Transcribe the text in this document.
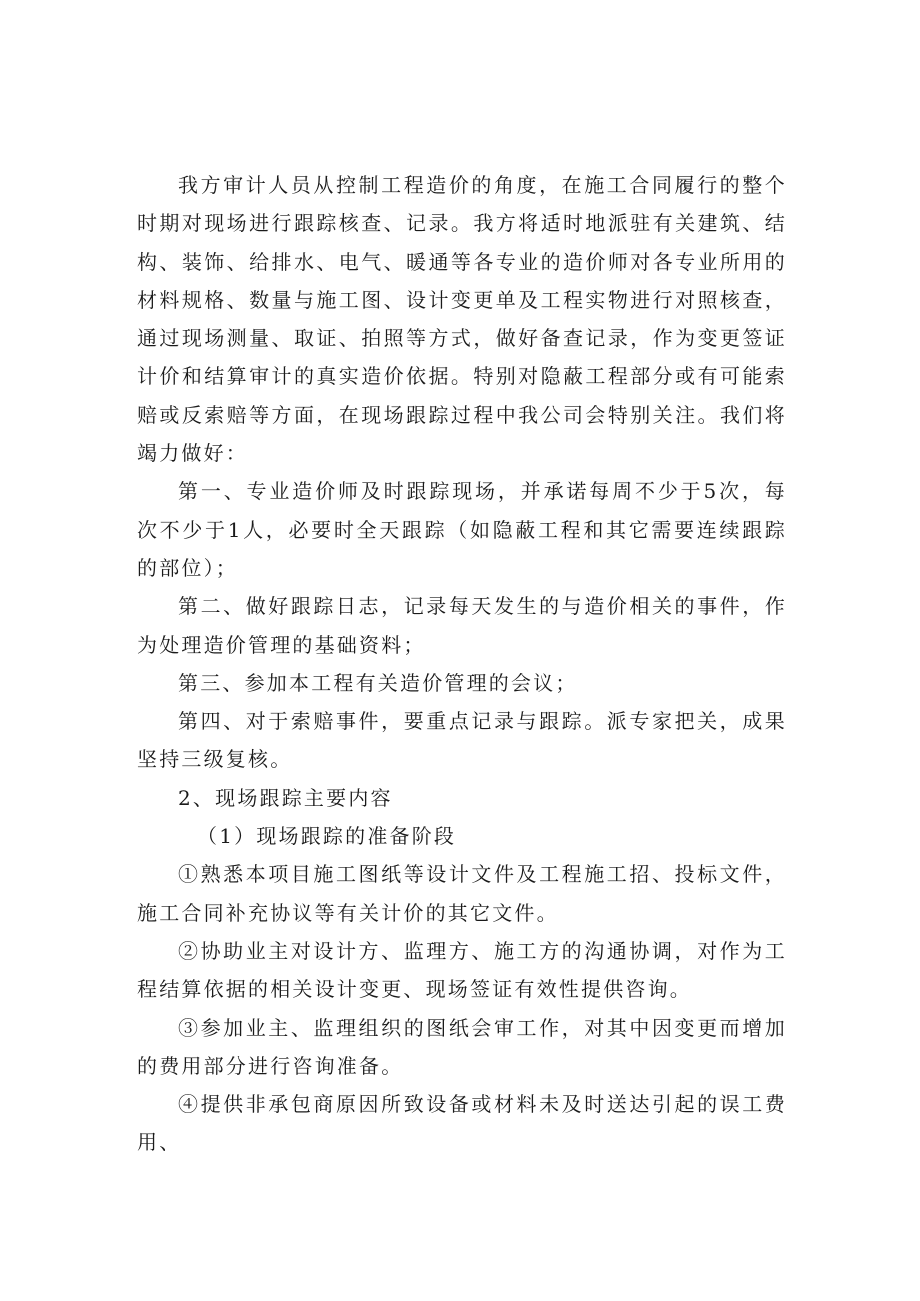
我方审计人员从控制工程造价的角度，在施工合同履行的整个时期对现场进行跟踪核查、记录。我方将适时地派驻有关建筑、结构、装饰、给排水、电气、暖通等各专业的造价师对各专业所用的材料规格、数量与施工图、设计变更单及工程实物进行对照核查，通过现场测量、取证、拍照等方式，做好备查记录，作为变更签证计价和结算审计的真实造价依据。特别对隐蔽工程部分或有可能索赔或反索赔等方面，在现场跟踪过程中我公司会特别关注。我们将竭力做好：

第一、专业造价师及时跟踪现场，并承诺每周不少于5次，每次不少于1人，必要时全天跟踪（如隐蔽工程和其它需要连续跟踪的部位）；

第二、做好跟踪日志，记录每天发生的与造价相关的事件，作为处理造价管理的基础资料；

第三、参加本工程有关造价管理的会议；

第四、对于索赔事件，要重点记录与跟踪。派专家把关，成果坚持三级复核。

2、现场跟踪主要内容

（1）现场跟踪的准备阶段

①熟悉本项目施工图纸等设计文件及工程施工招、投标文件，施工合同补充协议等有关计价的其它文件。

②协助业主对设计方、监理方、施工方的沟通协调，对作为工程结算依据的相关设计变更、现场签证有效性提供咨询。

③参加业主、监理组织的图纸会审工作，对其中因变更而增加的费用部分进行咨询准备。

④提供非承包商原因所致设备或材料未及时送达引起的误工费用、
